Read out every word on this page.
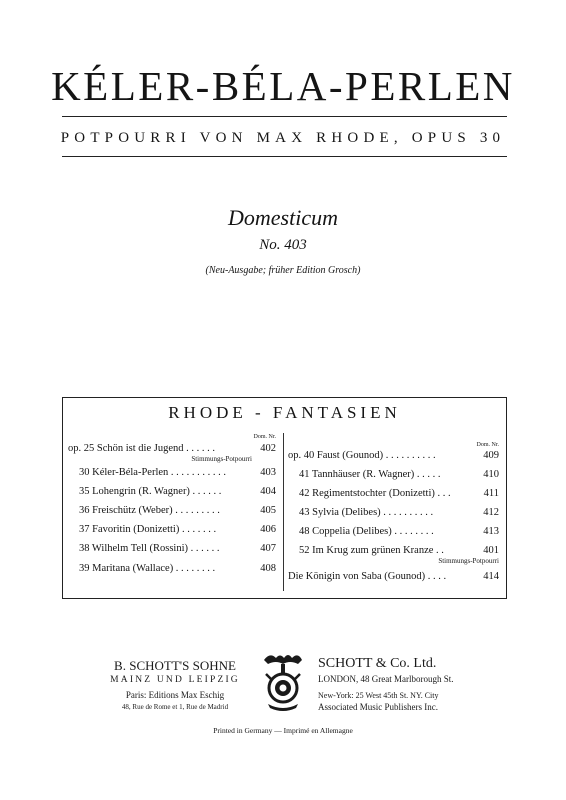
KÉLER-BÉLA-PERLEN
POTPOURRI VON MAX RHODE, OPUS 30
Domesticum
No. 403
(Neu-Ausgabe; früher Edition Grosch)
RHODE - FANTASIEN
Dom. Nr.
op. 25 Schön ist die Jugend . . . . . .	402
Stimmungs-Potpourri
30 Kéler-Béla-Perlen . . . . . . . . . . .	403
35 Lohengrin (R. Wagner) . . . . . .	404
36 Freischütz (Weber) . . . . . . . . .	405
37 Favoritin (Donizetti) . . . . . . .	406
38 Wilhelm Tell (Rossini) . . . . . .	407
39 Maritana (Wallace) . . . . . . . .	408
Dom. Nr.
op. 40 Faust (Gounod) . . . . . . . . . .	409
41 Tannhäuser (R. Wagner) . . . . .	410
42 Regimentstochter (Donizetti) . . .	411
43 Sylvia (Delibes) . . . . . . . . . .	412
48 Coppelia (Delibes) . . . . . . . .	413
52 Im Krug zum grünen Kranze . .	401
Stimmungs-Potpourri
Die Königin von Saba (Gounod) . . . .	414
B. SCHOTT'S SOHNE
MAINZ UND LEIPZIG
Paris: Editions Max Eschig
48, Rue de Rome et 1, Rue de Madrid
SCHOTT & Co. Ltd.
LONDON, 48 Great Marlborough St.
New-York: 25 West 45th St. NY. City
Associated Music Publishers Inc.
Printed in Germany — Imprimé en Allemagne
